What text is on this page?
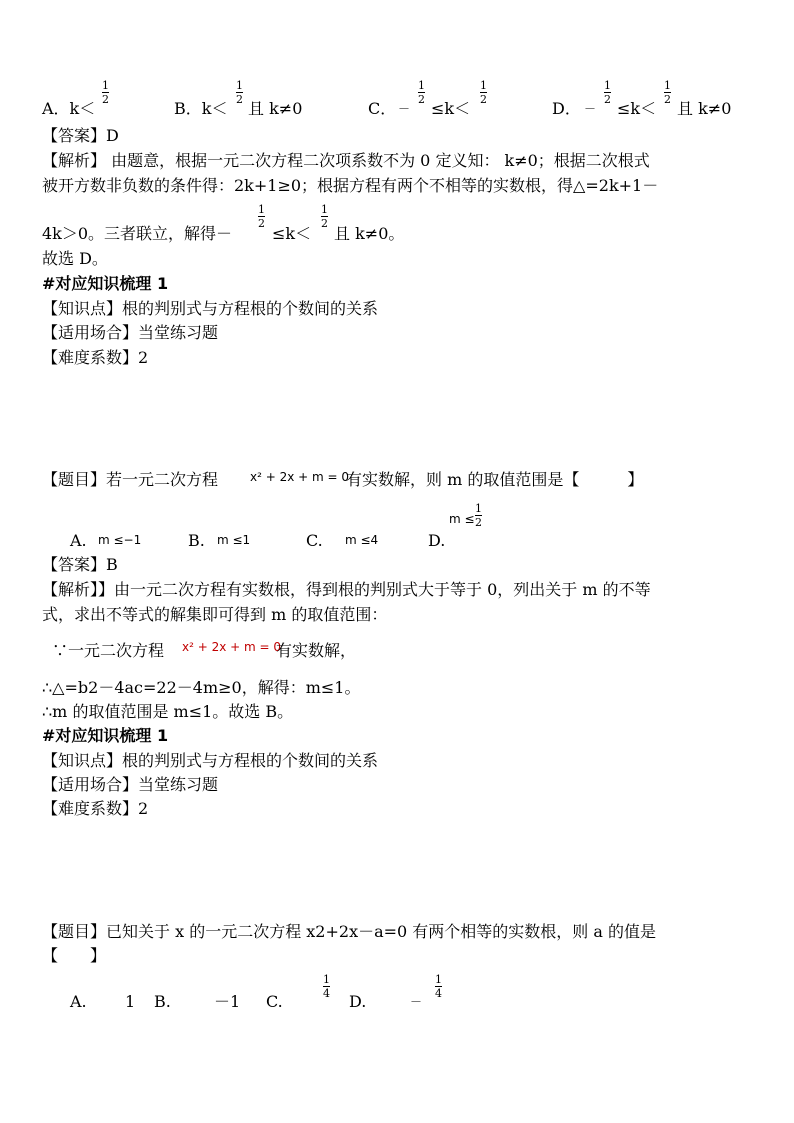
A．k＜
1
2	B．k＜
1
2 且 k≠0	C． －
1
2 ≤k＜
1
2	D． －
1
2 ≤k＜
1
2 且 k≠0
【答案】D
【解析】 由题意，根据一元二次方程二次项系数不为 0 定义知： k≠0；根据二次根式
被开方数非负数的条件得：2k+1≥0；根据方程有两个不相等的实数根，得△=2k+1－
4k＞0。三者联立，解得－
1
2
≤k＜
1
2
且 k≠0。
故选 D。
#对应知识梳理 1
【知识点】根的判别式与方程根的个数间的关系
【适用场合】当堂练习题
【难度系数】2
【题目】若一元二次方程	x² + 2x + m = 0
有实数解，则 m 的取值范围是【　　　】
A. m ≤−1	B. m ≤1	C. m ≤4	D.
m ≤
1
2
【答案】B
【解析】】由一元二次方程有实数根，得到根的判别式大于等于 0，列出关于 m 的不等
式，求出不等式的解集即可得到 m 的取值范围：
∵一元二次方程 x² + 2x + m = 0
有实数解，
∴△=b2－4ac=22－4m≥0，解得：m≤1。
∴m 的取值范围是 m≤1。故选 B。
#对应知识梳理 1
【知识点】根的判别式与方程根的个数间的关系
【适用场合】当堂练习题
【难度系数】2
【题目】已知关于 x 的一元二次方程 x2+2x－a=0 有两个相等的实数根，则 a 的值是
【　　】
A. 1 B.	－1 C.
1
4 D.	－
1
4
